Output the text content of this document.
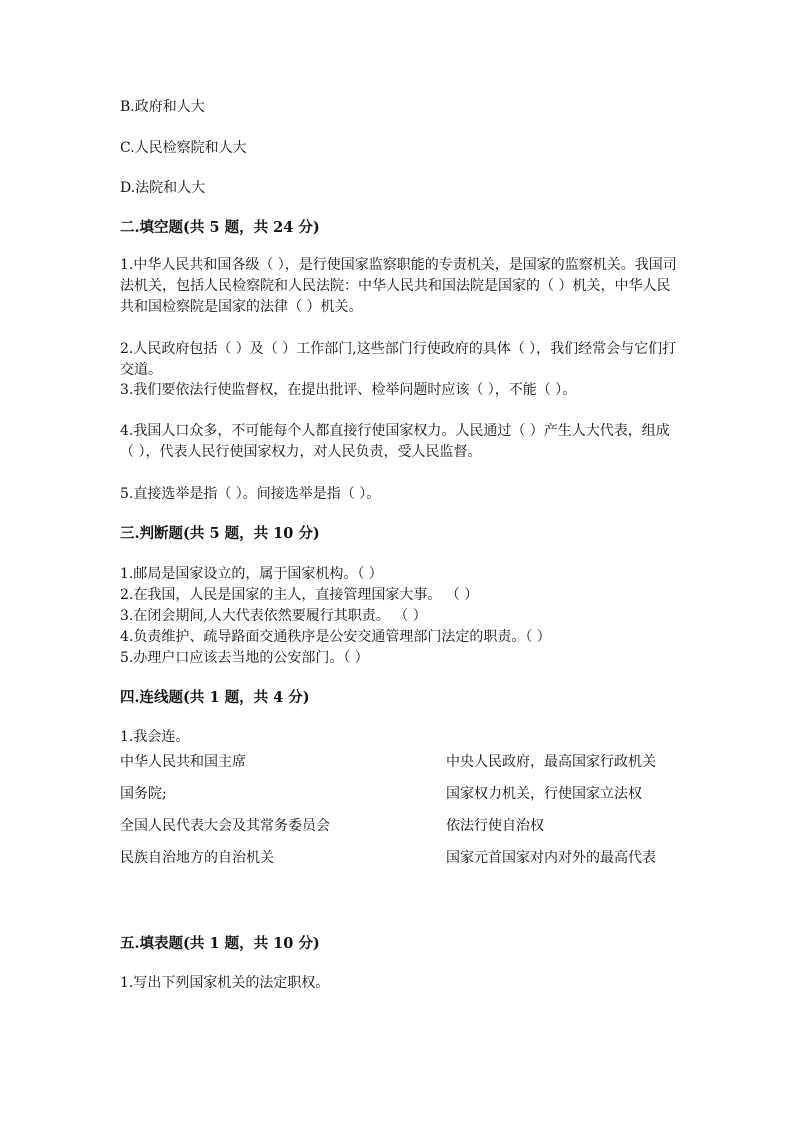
B.政府和人大
C.人民检察院和人大
D.法院和人大
二.填空题(共 5 题，共 24 分)
1.中华人民共和国各级（ ），是行使国家监察职能的专责机关，是国家的监察机关。我国司法机关，包括人民检察院和人民法院：中华人民共和国法院是国家的（ ）机关，中华人民共和国检察院是国家的法律（ ）机关。
2.人民政府包括（ ）及（ ）工作部门,这些部门行使政府的具体（ ），我们经常会与它们打交道。
3.我们要依法行使监督权，在提出批评、检举问题时应该（ ），不能（ ）。
4.我国人口众多，不可能每个人都直接行使国家权力。人民通过（ ）产生人大代表，组成（ ），代表人民行使国家权力，对人民负责，受人民监督。
5.直接选举是指（ ）。间接选举是指（ ）。
三.判断题(共 5 题，共 10 分)
1.邮局是国家设立的，属于国家机构。（ ）
2.在我国，人民是国家的主人，直接管理国家大事。 （ ）
3.在闭会期间,人大代表依然要履行其职责。 （ ）
4.负责维护、疏导路面交通秩序是公安交通管理部门法定的职责。（ ）
5.办理户口应该去当地的公安部门。（ ）
四.连线题(共 1 题，共 4 分)
1.我会连。
中华人民共和国主席	中央人民政府，最高国家行政机关
国务院;	国家权力机关，行使国家立法权
全国人民代表大会及其常务委员会	依法行使自治权
民族自治地方的自治机关	国家元首国家对内对外的最高代表
五.填表题(共 1 题，共 10 分)
1.写出下列国家机关的法定职权。
